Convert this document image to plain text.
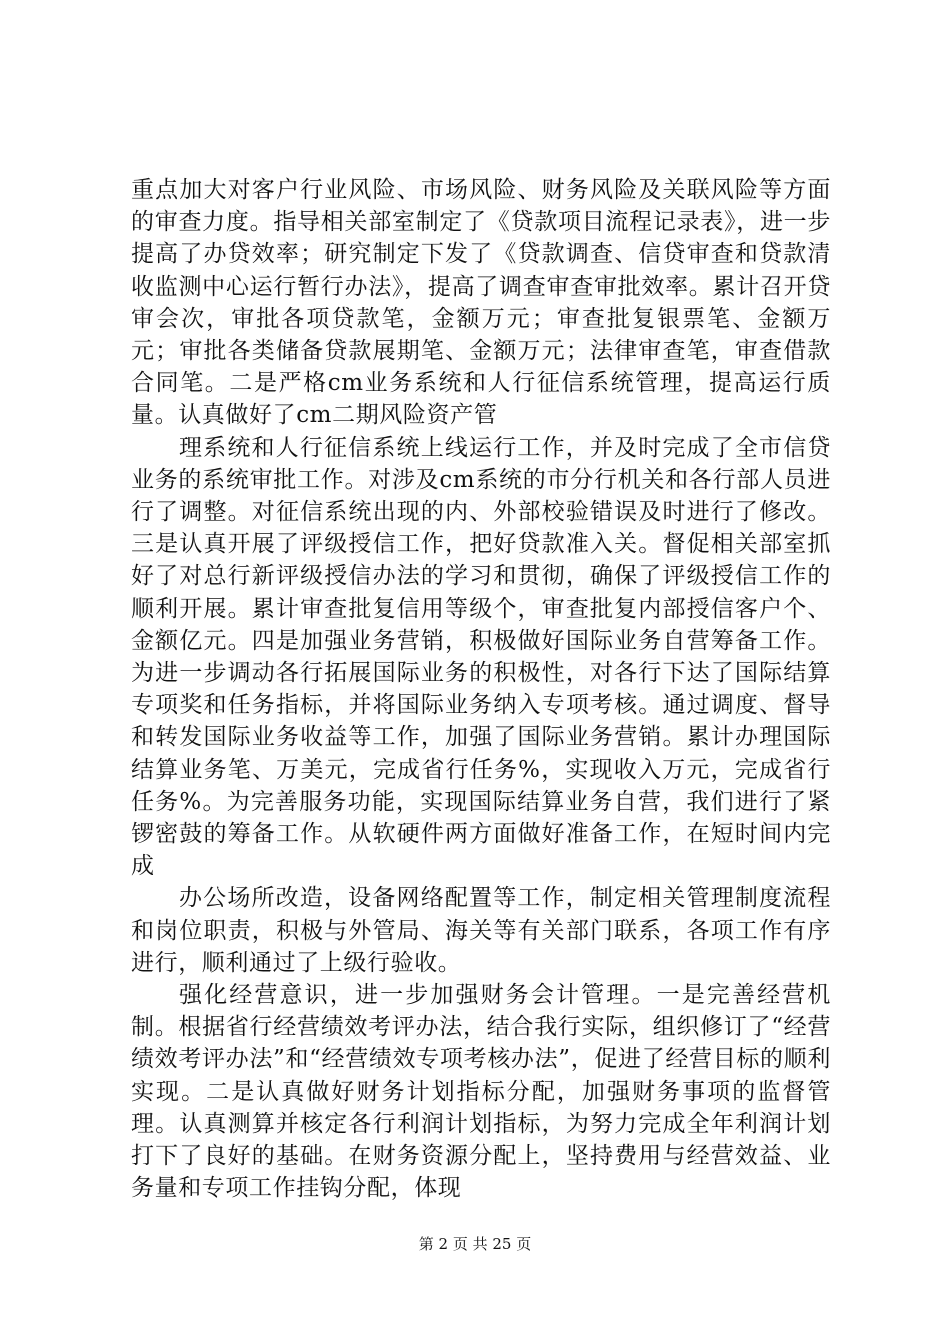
重点加大对客户行业风险、市场风险、财务风险及关联风险等方面的审查力度。指导相关部室制定了《贷款项目流程记录表》，进一步提高了办贷效率；研究制定下发了《贷款调查、信贷审查和贷款清收监测中心运行暂行办法》，提高了调查审查审批效率。累计召开贷审会次，审批各项贷款笔，金额万元；审查批复银票笔、金额万元；审批各类储备贷款展期笔、金额万元；法律审查笔，审查借款合同笔。二是严格cm业务系统和人行征信系统管理，提高运行质量。认真做好了cm二期风险资产管

理系统和人行征信系统上线运行工作，并及时完成了全市信贷业务的系统审批工作。对涉及cm系统的市分行机关和各行部人员进行了调整。对征信系统出现的内、外部校验错误及时进行了修改。三是认真开展了评级授信工作，把好贷款准入关。督促相关部室抓好了对总行新评级授信办法的学习和贯彻，确保了评级授信工作的顺利开展。累计审查批复信用等级个，审查批复内部授信客户个、金额亿元。四是加强业务营销，积极做好国际业务自营筹备工作。为进一步调动各行拓展国际业务的积极性，对各行下达了国际结算专项奖和任务指标，并将国际业务纳入专项考核。通过调度、督导和转发国际业务收益等工作，加强了国际业务营销。累计办理国际结算业务笔、万美元，完成省行任务%，实现收入万元，完成省行任务%。为完善服务功能，实现国际结算业务自营，我们进行了紧锣密鼓的筹备工作。从软硬件两方面做好准备工作，在短时间内完成

办公场所改造，设备网络配置等工作，制定相关管理制度流程和岗位职责，积极与外管局、海关等有关部门联系，各项工作有序进行，顺利通过了上级行验收。

强化经营意识，进一步加强财务会计管理。一是完善经营机制。根据省行经营绩效考评办法，结合我行实际，组织修订了“经营绩效考评办法”和“经营绩效专项考核办法”，促进了经营目标的顺利实现。二是认真做好财务计划指标分配，加强财务事项的监督管理。认真测算并核定各行利润计划指标，为努力完成全年利润计划打下了良好的基础。在财务资源分配上，坚持费用与经营效益、业务量和专项工作挂钩分配，体现

第 2 页 共 25 页
